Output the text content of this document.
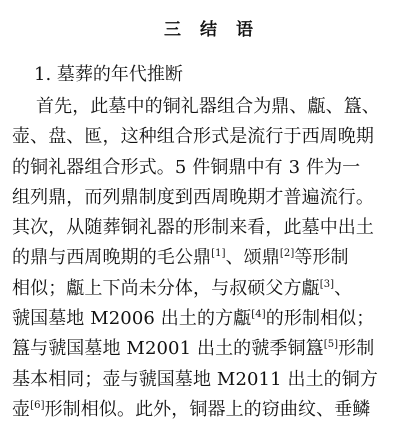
三 结 语
1. 墓葬的年代推断
首先，此墓中的铜礼器组合为鼎、甗、簋、
壶、盘、匜，这种组合形式是流行于西周晚期
的铜礼器组合形式。5 件铜鼎中有 3 件为一
组列鼎，而列鼎制度到西周晚期才普遍流行。
其次，从随葬铜礼器的形制来看，此墓中出土
的鼎与西周晚期的毛公鼎[1]、颂鼎[2]等形制
相似；甗上下尚未分体，与叔硕父方甗[3]、
虢国墓地 M2006 出土的方甗[4]的形制相似；
簋与虢国墓地 M2001 出土的虢季铜簋[5]形制
基本相同；壶与虢国墓地 M2011 出土的铜方
壶[6]形制相似。此外，铜器上的窃曲纹、垂鳞
